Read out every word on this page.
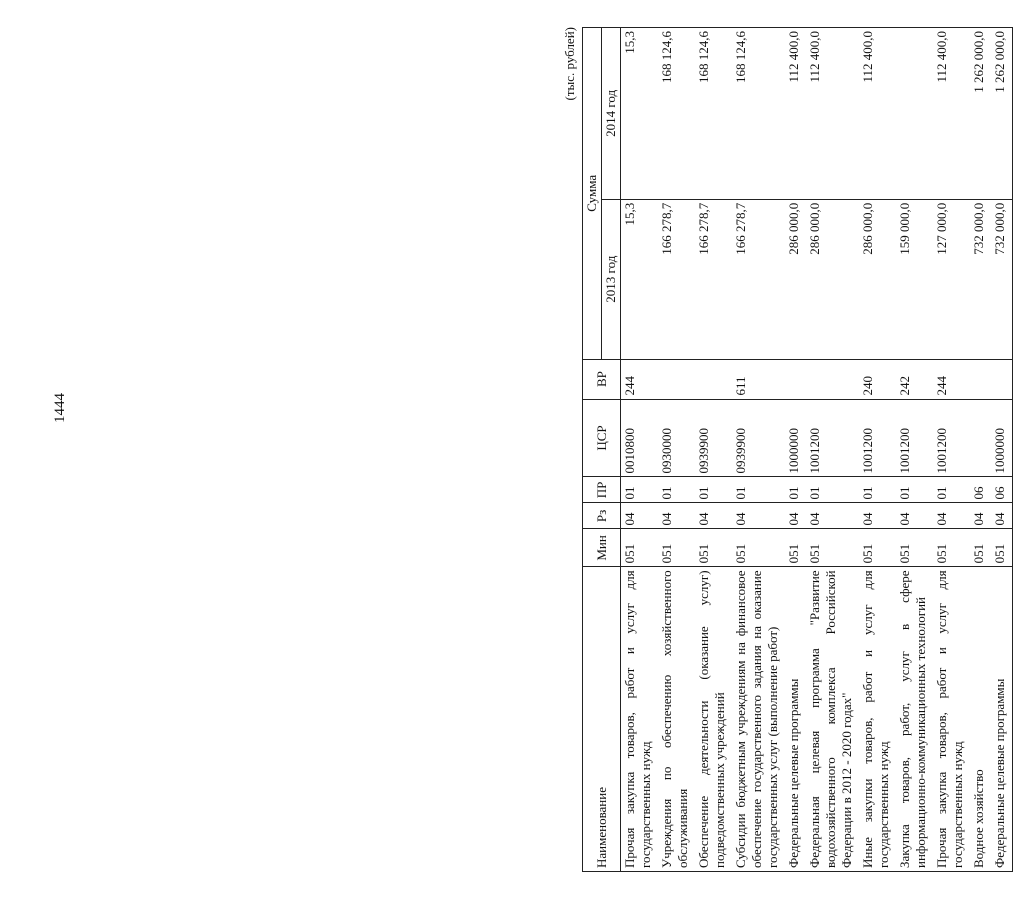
1444
(тыс. рублей)
Наименование	Мин	Рз	ПР	ЦСР	ВР	Сумма	
						2013 год	2014 год
Прочая закупка товаров, работ и услуг для государственных нужд	051	04	01	0010800	244	15,3	15,3
Учреждения по обеспечению хозяйственного обслуживания	051	04	01	0930000		166 278,7	168 124,6
Обеспечение деятельности (оказание услуг) подведомственных учреждений	051	04	01	0939900		166 278,7	168 124,6
Субсидии бюджетным учреждениям на финансовое обеспечение государственного задания на оказание государственных услуг (выполнение работ)	051	04	01	0939900	611	166 278,7	168 124,6
Федеральные целевые программы	051	04	01	1000000		286 000,0	112 400,0
Федеральная целевая программа "Развитие водохозяйственного комплекса Российской Федерации в 2012 - 2020 годах"	051	04	01	1001200		286 000,0	112 400,0
Иные закупки товаров, работ и услуг для государственных нужд	051	04	01	1001200	240	286 000,0	112 400,0
Закупка товаров, работ, услуг в сфере информационно-коммуникационных технологий	051	04	01	1001200	242	159 000,0	
Прочая закупка товаров, работ и услуг для государственных нужд	051	04	01	1001200	244	127 000,0	112 400,0
Водное хозяйство	051	04	06			732 000,0	1 262 000,0
Федеральные целевые программы	051	04	06	1000000		732 000,0	1 262 000,0
